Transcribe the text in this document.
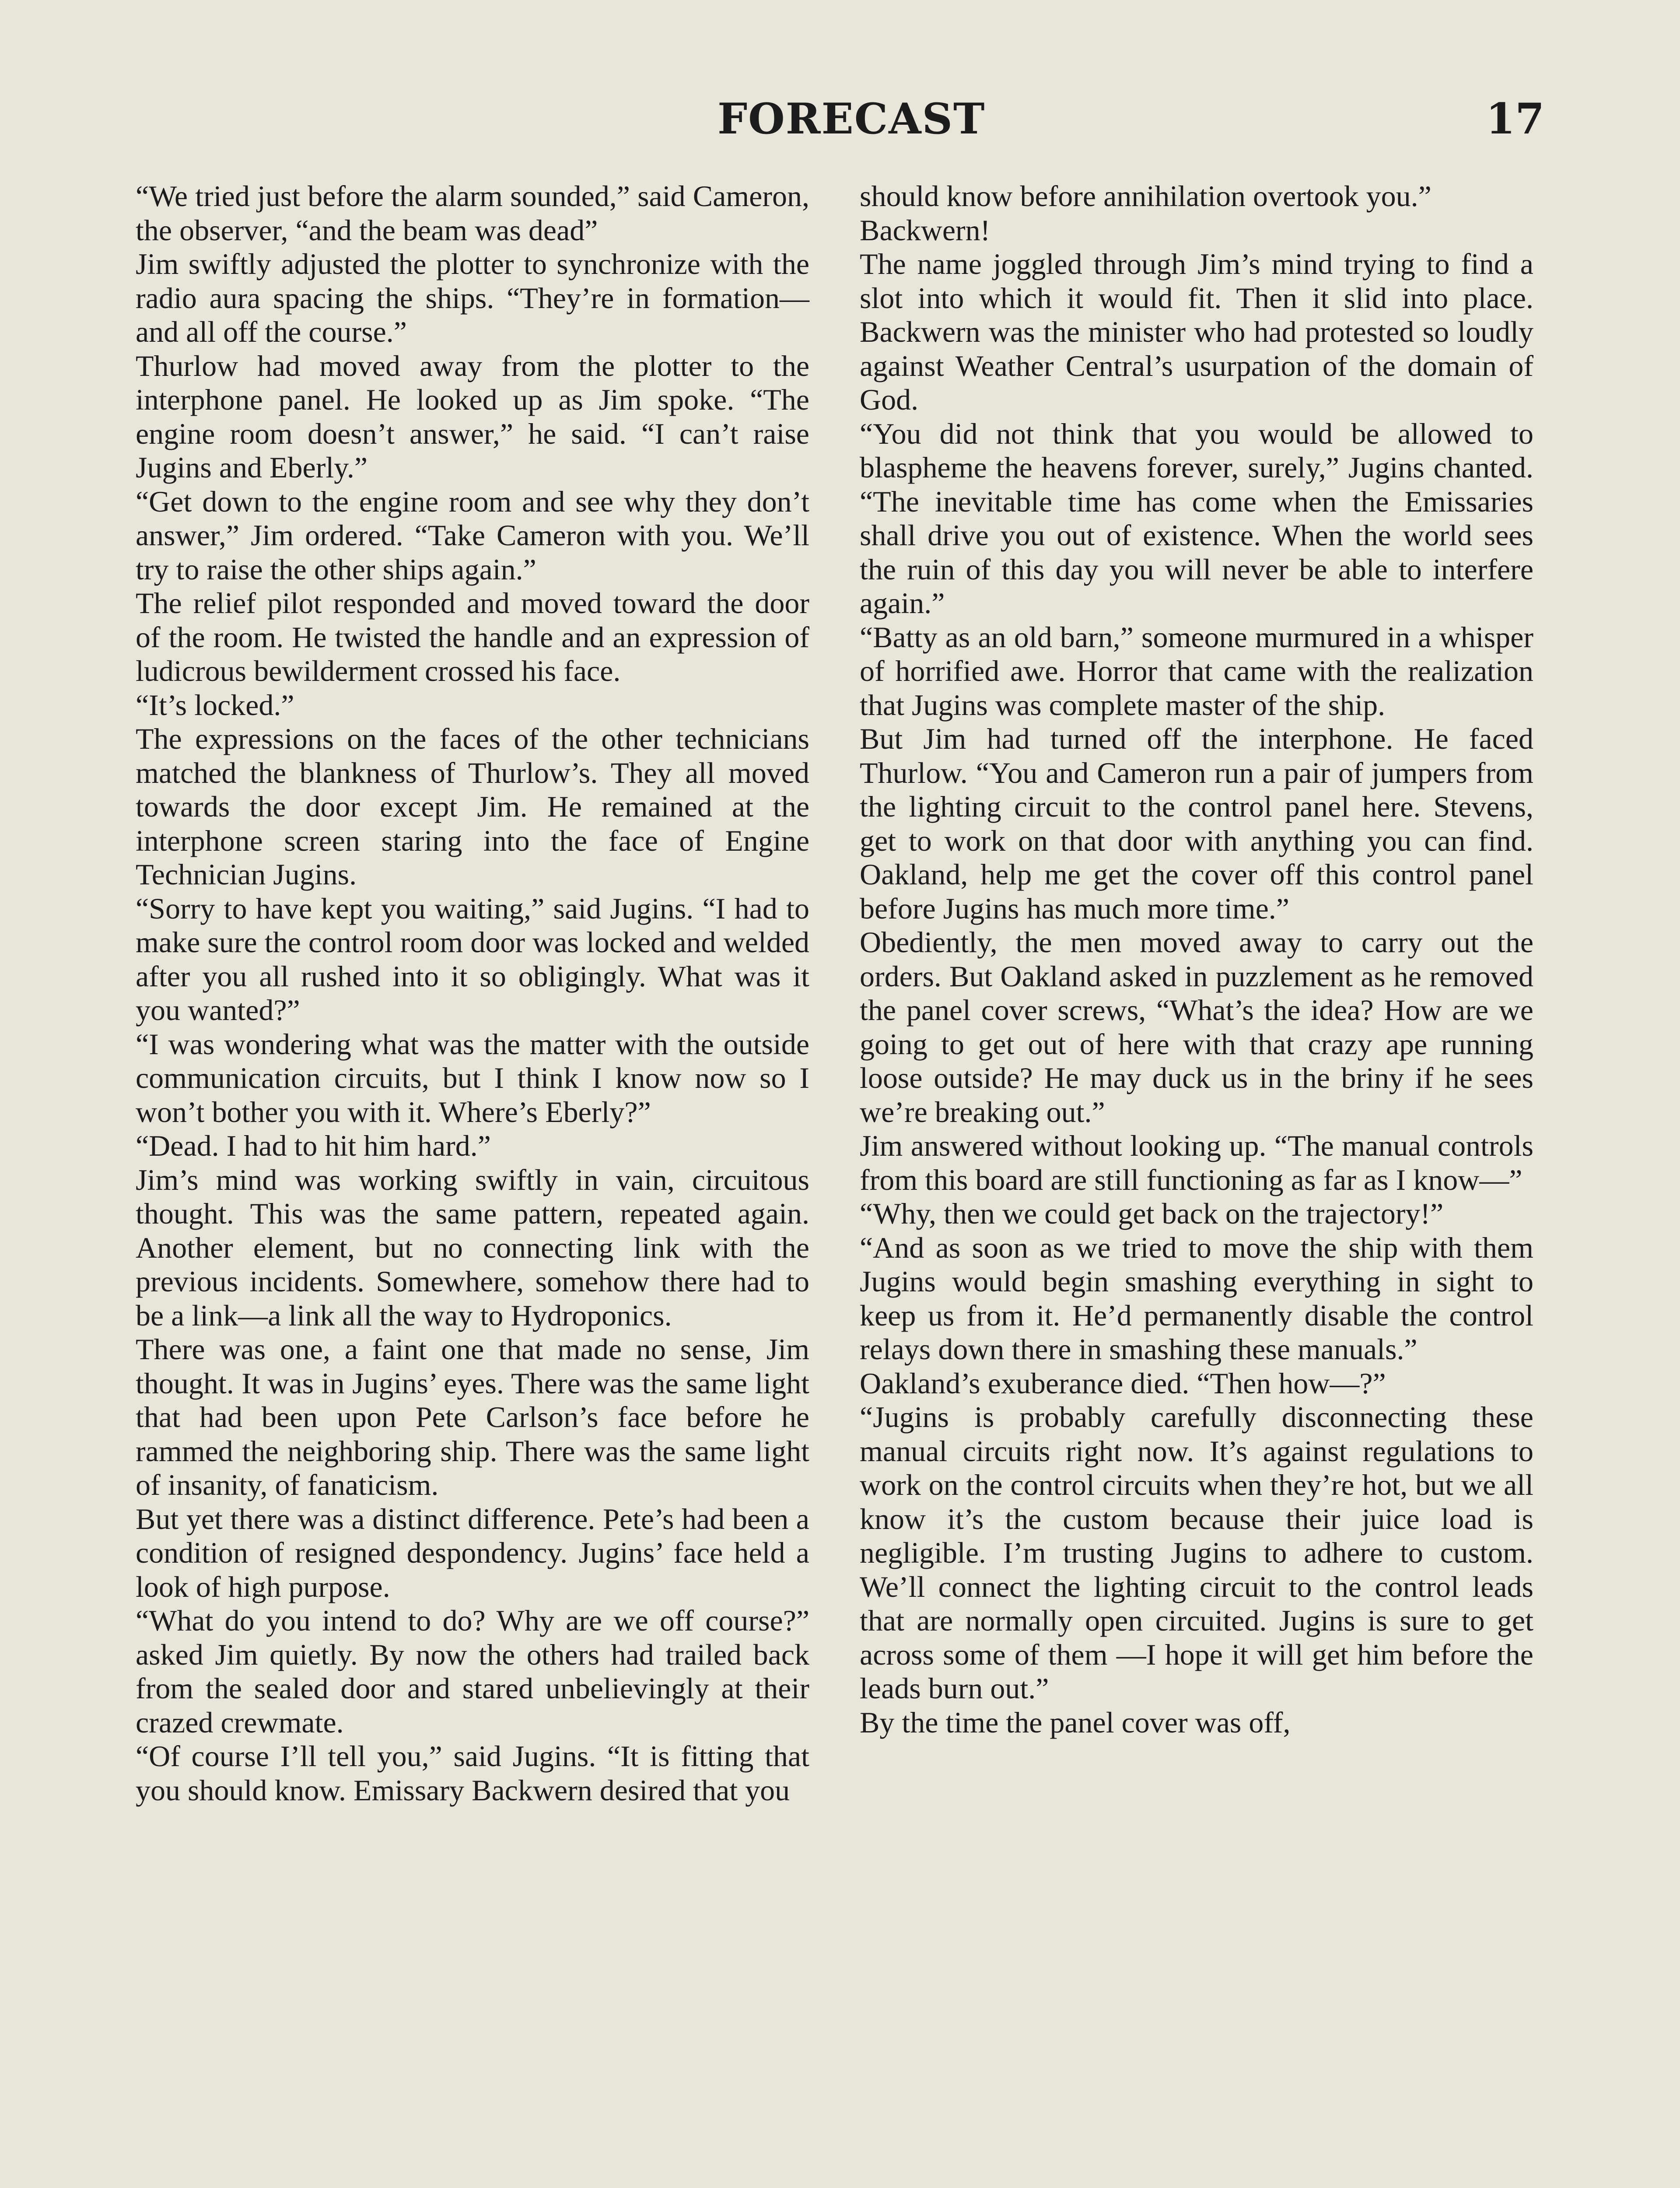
FORECAST	17

“We tried just before the alarm sounded,” said Cameron, the observer, “and the beam was dead”

Jim swiftly adjusted the plotter to synchronize with the radio aura spacing the ships. “They’re in formation—and all off the course.”

Thurlow had moved away from the plotter to the interphone panel. He looked up as Jim spoke. “The engine room doesn’t answer,” he said. “I can’t raise Jugins and Eberly.”

“Get down to the engine room and see why they don’t answer,” Jim ordered. “Take Cameron with you. We’ll try to raise the other ships again.”

The relief pilot responded and moved toward the door of the room. He twisted the handle and an expression of ludicrous bewilderment crossed his face.

“It’s locked.”

The expressions on the faces of the other technicians matched the blankness of Thurlow’s. They all moved towards the door except Jim. He remained at the interphone screen staring into the face of Engine Technician Jugins.

“Sorry to have kept you waiting,” said Jugins. “I had to make sure the control room door was locked and welded after you all rushed into it so obligingly. What was it you wanted?”

“I was wondering what was the matter with the outside communication circuits, but I think I know now so I won’t bother you with it. Where’s Eberly?”

“Dead. I had to hit him hard.”

Jim’s mind was working swiftly in vain, circuitous thought. This was the same pattern, repeated again. Another element, but no connecting link with the previous incidents. Somewhere, somehow there had to be a link—a link all the way to Hydroponics.

There was one, a faint one that made no sense, Jim thought. It was in Jugins’ eyes. There was the same light that had been upon Pete Carlson’s face before he rammed the neighboring ship. There was the same light of insanity, of fanaticism.

But yet there was a distinct difference. Pete’s had been a condition of resigned despondency. Jugins’ face held a look of high purpose.

“What do you intend to do? Why are we off course?” asked Jim quietly. By now the others had trailed back from the sealed door and stared unbelievingly at their crazed crewmate.

“Of course I’ll tell you,” said Jugins. “It is fitting that you should know. Emissary Backwern desired that you

should know before annihilation overtook you.”

Backwern!

The name joggled through Jim’s mind trying to find a slot into which it would fit. Then it slid into place. Backwern was the minister who had protested so loudly against Weather Central’s usurpation of the domain of God.

“You did not think that you would be allowed to blaspheme the heavens forever, surely,” Jugins chanted. “The inevitable time has come when the Emissaries shall drive you out of existence. When the world sees the ruin of this day you will never be able to interfere again.”

“Batty as an old barn,” someone murmured in a whisper of horrified awe. Horror that came with the realization that Jugins was complete master of the ship.

But Jim had turned off the interphone. He faced Thurlow. “You and Cameron run a pair of jumpers from the lighting circuit to the control panel here. Stevens, get to work on that door with anything you can find. Oakland, help me get the cover off this control panel before Jugins has much more time.”

Obediently, the men moved away to carry out the orders. But Oakland asked in puzzlement as he removed the panel cover screws, “What’s the idea? How are we going to get out of here with that crazy ape running loose outside? He may duck us in the briny if he sees we’re breaking out.”

Jim answered without looking up. “The manual controls from this board are still functioning as far as I know—”

“Why, then we could get back on the trajectory!”

“And as soon as we tried to move the ship with them Jugins would begin smashing everything in sight to keep us from it. He’d permanently disable the control relays down there in smashing these manuals.”

Oakland’s exuberance died. “Then how—?”

“Jugins is probably carefully disconnecting these manual circuits right now. It’s against regulations to work on the control circuits when they’re hot, but we all know it’s the custom because their juice load is negligible. I’m trusting Jugins to adhere to custom. We’ll connect the lighting circuit to the control leads that are normally open circuited. Jugins is sure to get across some of them —I hope it will get him before the leads burn out.”

By the time the panel cover was off,
